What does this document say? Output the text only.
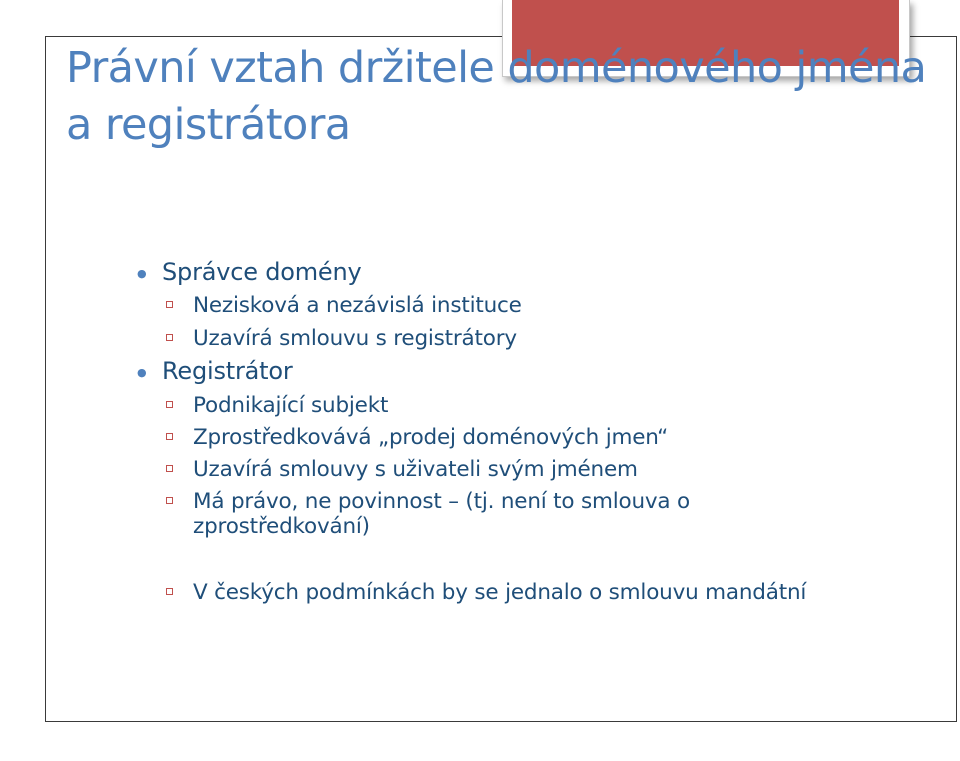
Právní vztah držitele doménového jména a registrátora
● Správce domény
Nezisková a nezávislá instituce
Uzavírá smlouvu s registrátory
● Registrátor
Podnikající subjekt
Zprostředkovává „prodej doménových jmen“
Uzavírá smlouvy s uživateli svým jménem
Má právo, ne povinnost – (tj. není to smlouva o zprostředkování)
V českých podmínkách by se jednalo o smlouvu mandátní
